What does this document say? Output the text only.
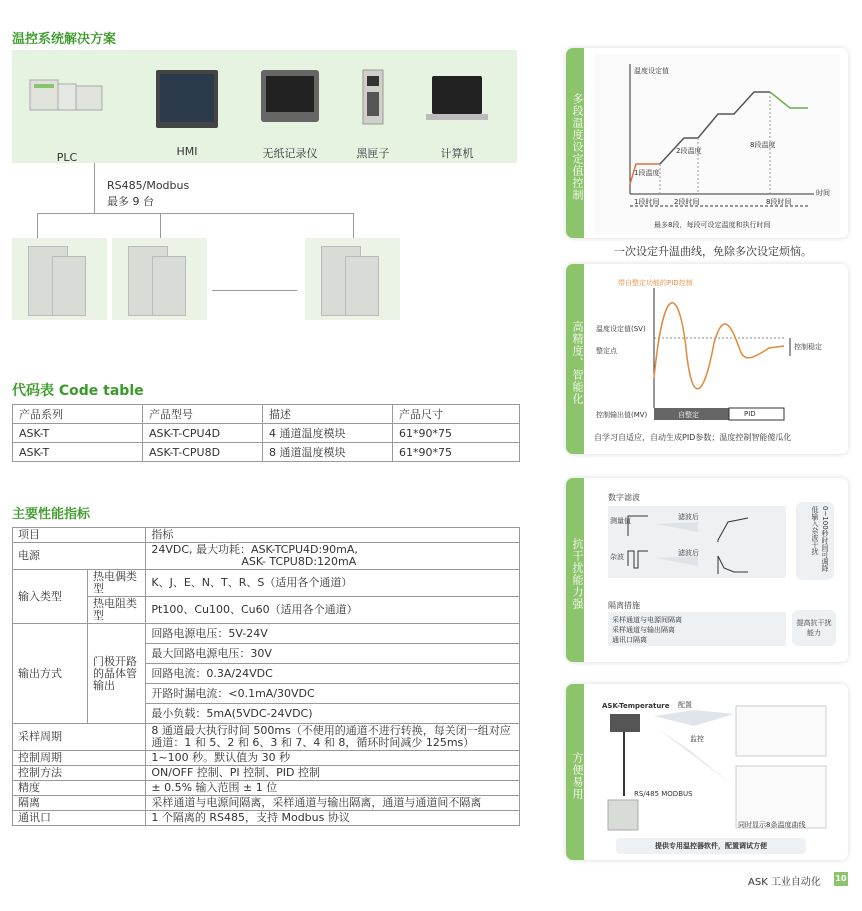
温控系统解决方案
PLC	HMI	无纸记录仪	黑匣子	计算机
RS485/Modbus
最多 9 台
代码表 Code table
产品系列	产品型号	描述	产品尺寸
ASK-T	ASK-T-CPU4D	4 通道温度模块	61*90*75
ASK-T	ASK-T-CPU8D	8 通道温度模块	61*90*75
主要性能指标
项目		指标
电源		24VDC, 最大功耗：ASK-TCPU4D:90mA,
ASK- TCPU8D:120mA

输入类型	热电偶类型	K、J、E、N、T、R、S（适用各个通道）
	热电阻类型	Pt100、Cu100、Cu60（适用各个通道）
输出方式	门极开路的晶体管输出	回路电源电压：5V-24V
		最大回路电源电压：30V
		回路电流：0.3A/24VDC
		开路时漏电流：<0.1mA/30VDC
		最小负载：5mA(5VDC-24VDC)
采样周期		8 通道最大执行时间 500ms（不使用的通道不进行转换，每关闭一组对应通道：1 和 5、2 和 6、3 和 7、4 和 8，循环时间减少 125ms）
控制周期		1~100 秒。默认值为 30 秒
控制方法		ON/OFF 控制、PI 控制、PID 控制
精度		± 0.5% 输入范围 ± 1 位
隔离		采样通道与电源间隔离，采样通道与输出隔离，通道与通道间不隔离
通讯口		1 个隔离的 RS485，支持 Modbus 协议
多段温度设定值控制
温度设定值
时间
1段温度
2段温度
8段温度
1段时间 2段时间	8段时间
最多8段，每段可设定温度和执行时间
一次设定升温曲线，免除多次设定烦恼。
高精度、智能化
带自整定功能的PID控制
温度设定值(SV)
整定点	控制稳定
控制输出值(MV)	自整定	PID
自学习自适应，自动生成PID参数；温度控制智能傻瓜化
抗干扰能力强
数字滤波
测量值
杂波
滤波后
滤波后	0~100秒时间可调降低输入杂波干扰
隔离措施
采样通道与电源间隔离
采样通道与输出隔离
通讯口隔离
提高抗干扰能力
方便易用
ASK-Temperature 配置
监控
RS/485 MODBUS
同时显示8条温度曲线
提供专用温控器软件，配置调试方便
ASK 工业自动化 10
